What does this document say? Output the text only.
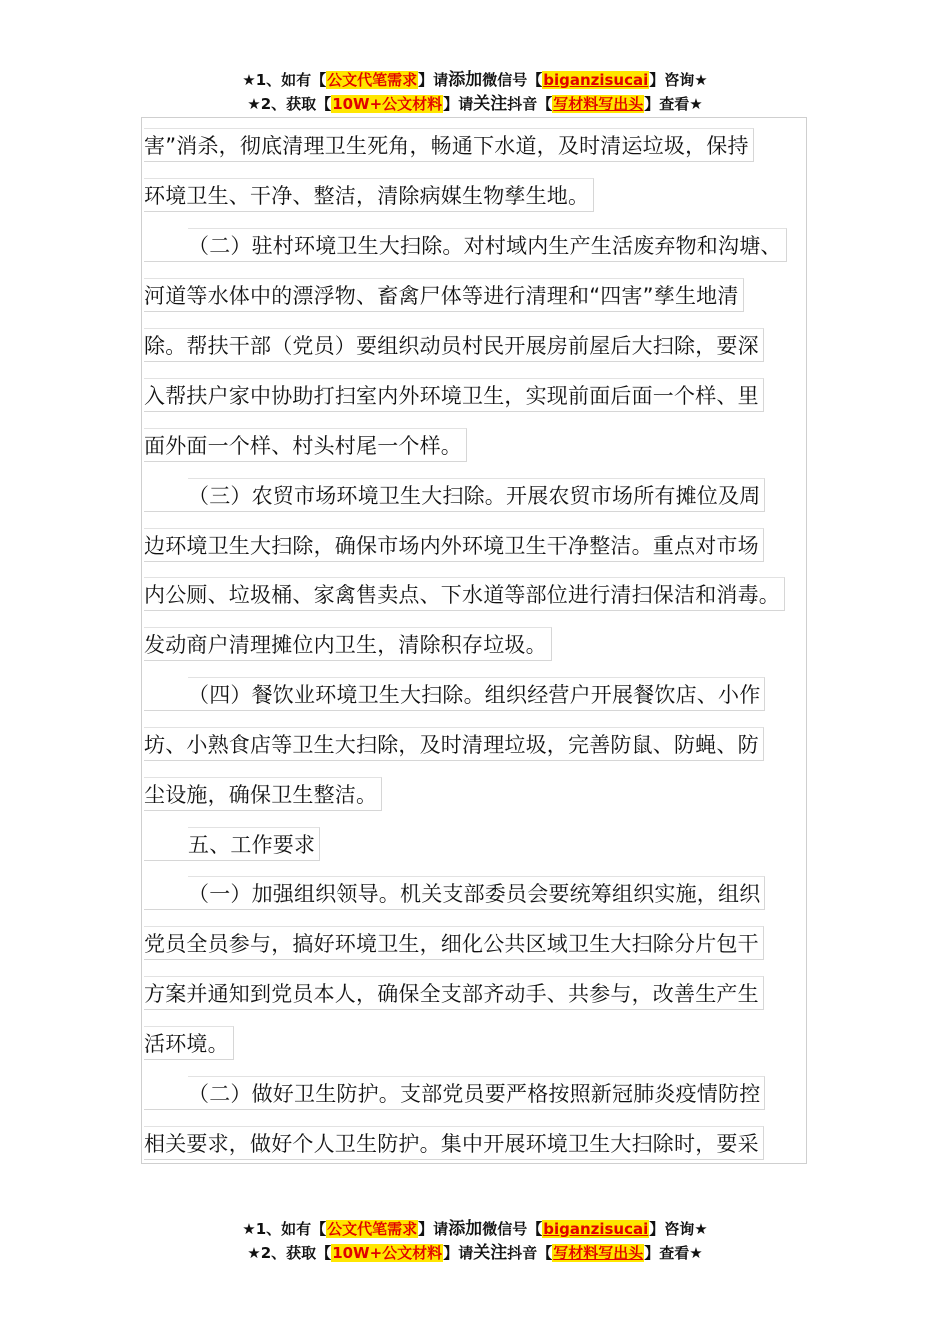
★1、如有【公文代笔需求】请添加微信号【biganzisucai】咨询★
★2、获取【10W+公文材料】请关注抖音【写材料写出头】查看★
害”消杀，彻底清理卫生死角，畅通下水道，及时清运垃圾，保持
环境卫生、干净、整洁，清除病媒生物孳生地。
（二）驻村环境卫生大扫除。对村域内生产生活废弃物和沟塘、
河道等水体中的漂浮物、畜禽尸体等进行清理和“四害”孳生地清
除。帮扶干部（党员）要组织动员村民开展房前屋后大扫除，要深
入帮扶户家中协助打扫室内外环境卫生，实现前面后面一个样、里
面外面一个样、村头村尾一个样。
（三）农贸市场环境卫生大扫除。开展农贸市场所有摊位及周
边环境卫生大扫除，确保市场内外环境卫生干净整洁。重点对市场
内公厕、垃圾桶、家禽售卖点、下水道等部位进行清扫保洁和消毒。
发动商户清理摊位内卫生，清除积存垃圾。
（四）餐饮业环境卫生大扫除。组织经营户开展餐饮店、小作
坊、小熟食店等卫生大扫除，及时清理垃圾，完善防鼠、防蝇、防
尘设施，确保卫生整洁。
五、工作要求
（一）加强组织领导。机关支部委员会要统筹组织实施，组织
党员全员参与，搞好环境卫生，细化公共区域卫生大扫除分片包干
方案并通知到党员本人，确保全支部齐动手、共参与，改善生产生
活环境。
（二）做好卫生防护。支部党员要严格按照新冠肺炎疫情防控
相关要求，做好个人卫生防护。集中开展环境卫生大扫除时，要采
★1、如有【公文代笔需求】请添加微信号【biganzisucai】咨询★
★2、获取【10W+公文材料】请关注抖音【写材料写出头】查看★
